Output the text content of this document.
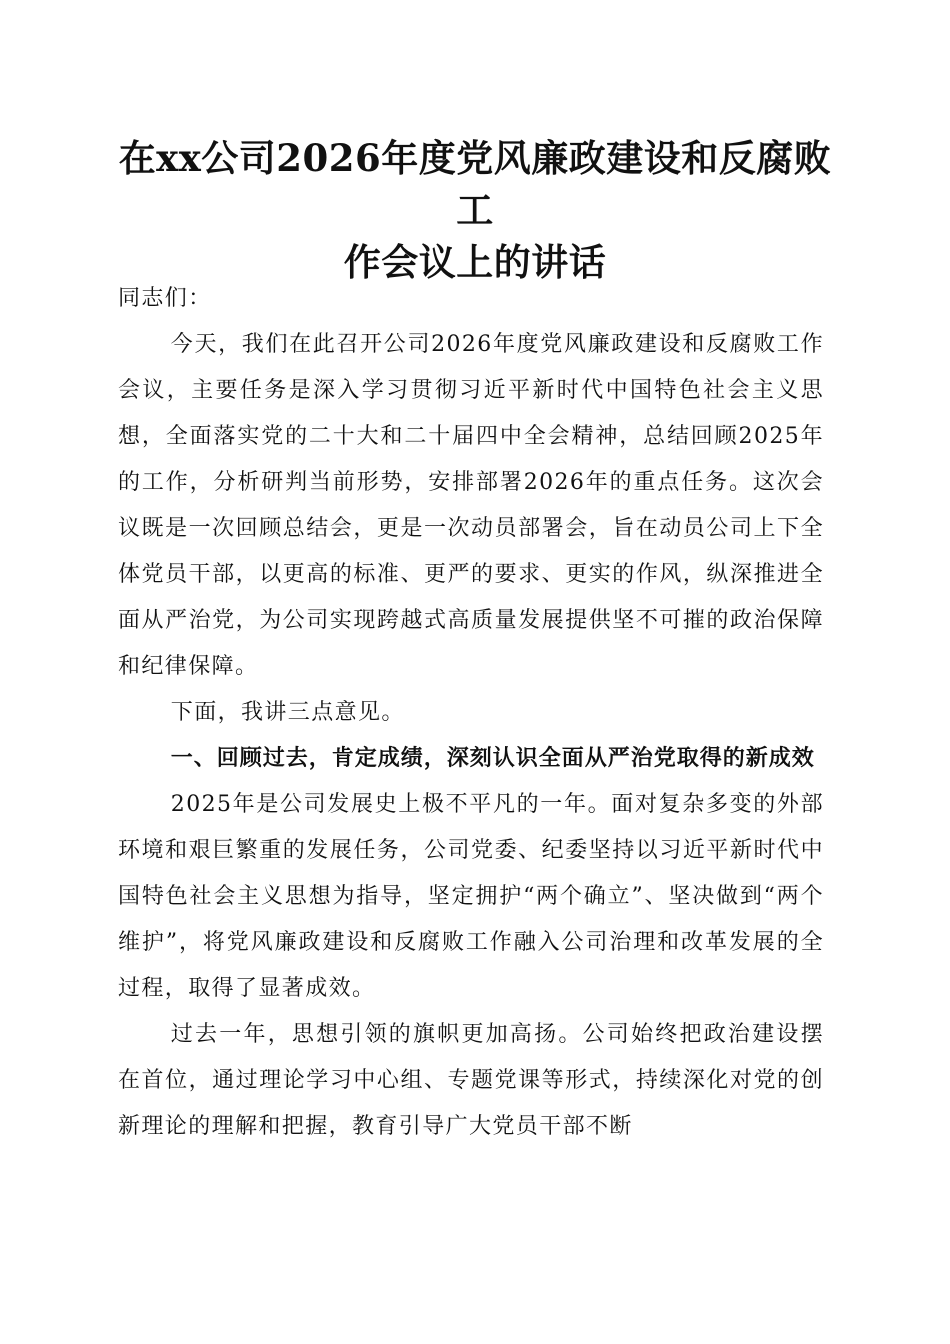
在xx公司2026年度党风廉政建设和反腐败工
作会议上的讲话

同志们：

今天，我们在此召开公司2026年度党风廉政建设和反腐败工作会议，主要任务是深入学习贯彻习近平新时代中国特色社会主义思想，全面落实党的二十大和二十届四中全会精神，总结回顾2025年的工作，分析研判当前形势，安排部署2026年的重点任务。这次会议既是一次回顾总结会，更是一次动员部署会，旨在动员公司上下全体党员干部，以更高的标准、更严的要求、更实的作风，纵深推进全面从严治党，为公司实现跨越式高质量发展提供坚不可摧的政治保障和纪律保障。

下面，我讲三点意见。

一、回顾过去，肯定成绩，深刻认识全面从严治党取得的新成效

2025年是公司发展史上极不平凡的一年。面对复杂多变的外部环境和艰巨繁重的发展任务，公司党委、纪委坚持以习近平新时代中国特色社会主义思想为指导，坚定拥护“两个确立”、坚决做到“两个维护”，将党风廉政建设和反腐败工作融入公司治理和改革发展的全过程，取得了显著成效。

过去一年，思想引领的旗帜更加高扬。公司始终把政治建设摆在首位，通过理论学习中心组、专题党课等形式，持续深化对党的创新理论的理解和把握，教育引导广大党员干部不断
